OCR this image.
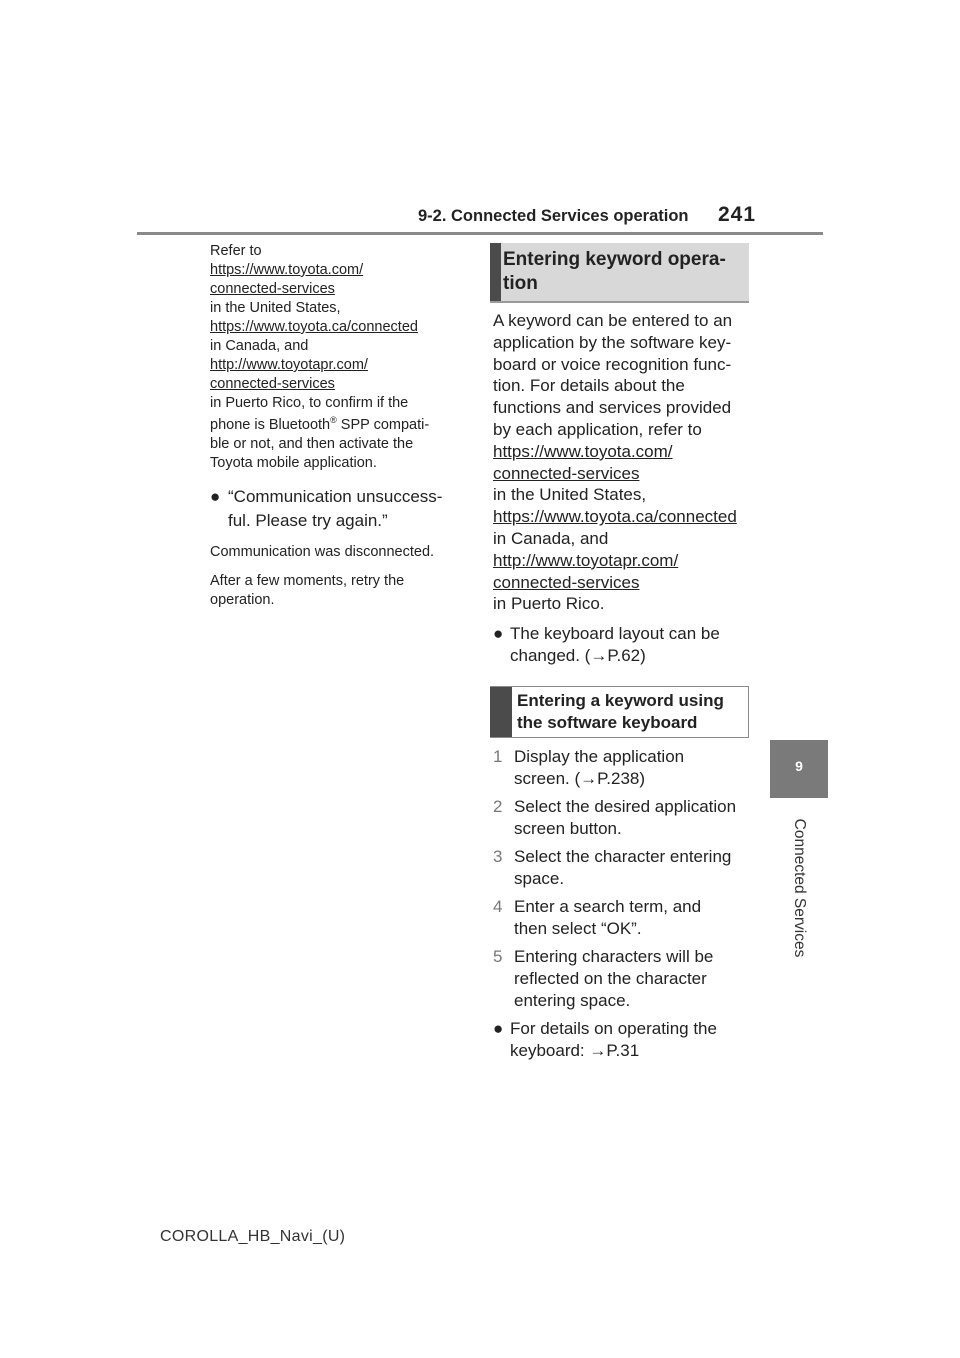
9-2. Connected Services operation 241
9
Connected Services
Refer to
https://www.toyota.com/
connected-services
in the United States,
https://www.toyota.ca/connected
in Canada, and
http://www.toyotapr.com/
connected-services
in Puerto Rico, to confirm if the
phone is Bluetooth® SPP compati-
ble or not, and then activate the
Toyota mobile application.
● “Communication unsuccess-
ful. Please try again.”
Communication was disconnected.
After a few moments, retry the
operation.
Entering keyword opera-
tion
A keyword can be entered to an
application by the software key-
board or voice recognition func-
tion. For details about the
functions and services provided
by each application, refer to
https://www.toyota.com/
connected-services
in the United States,
https://www.toyota.ca/connected
in Canada, and
http://www.toyotapr.com/
connected-services
in Puerto Rico.
● The keyboard layout can be
changed. (→P.62)
Entering a keyword using
the software keyboard
1 Display the application
screen. (→P.238)
2 Select the desired application
screen button.
3 Select the character entering
space.
4 Enter a search term, and
then select “OK”.
5 Entering characters will be
reflected on the character
entering space.
● For details on operating the
keyboard: →P.31
COROLLA_HB_Navi_(U)
